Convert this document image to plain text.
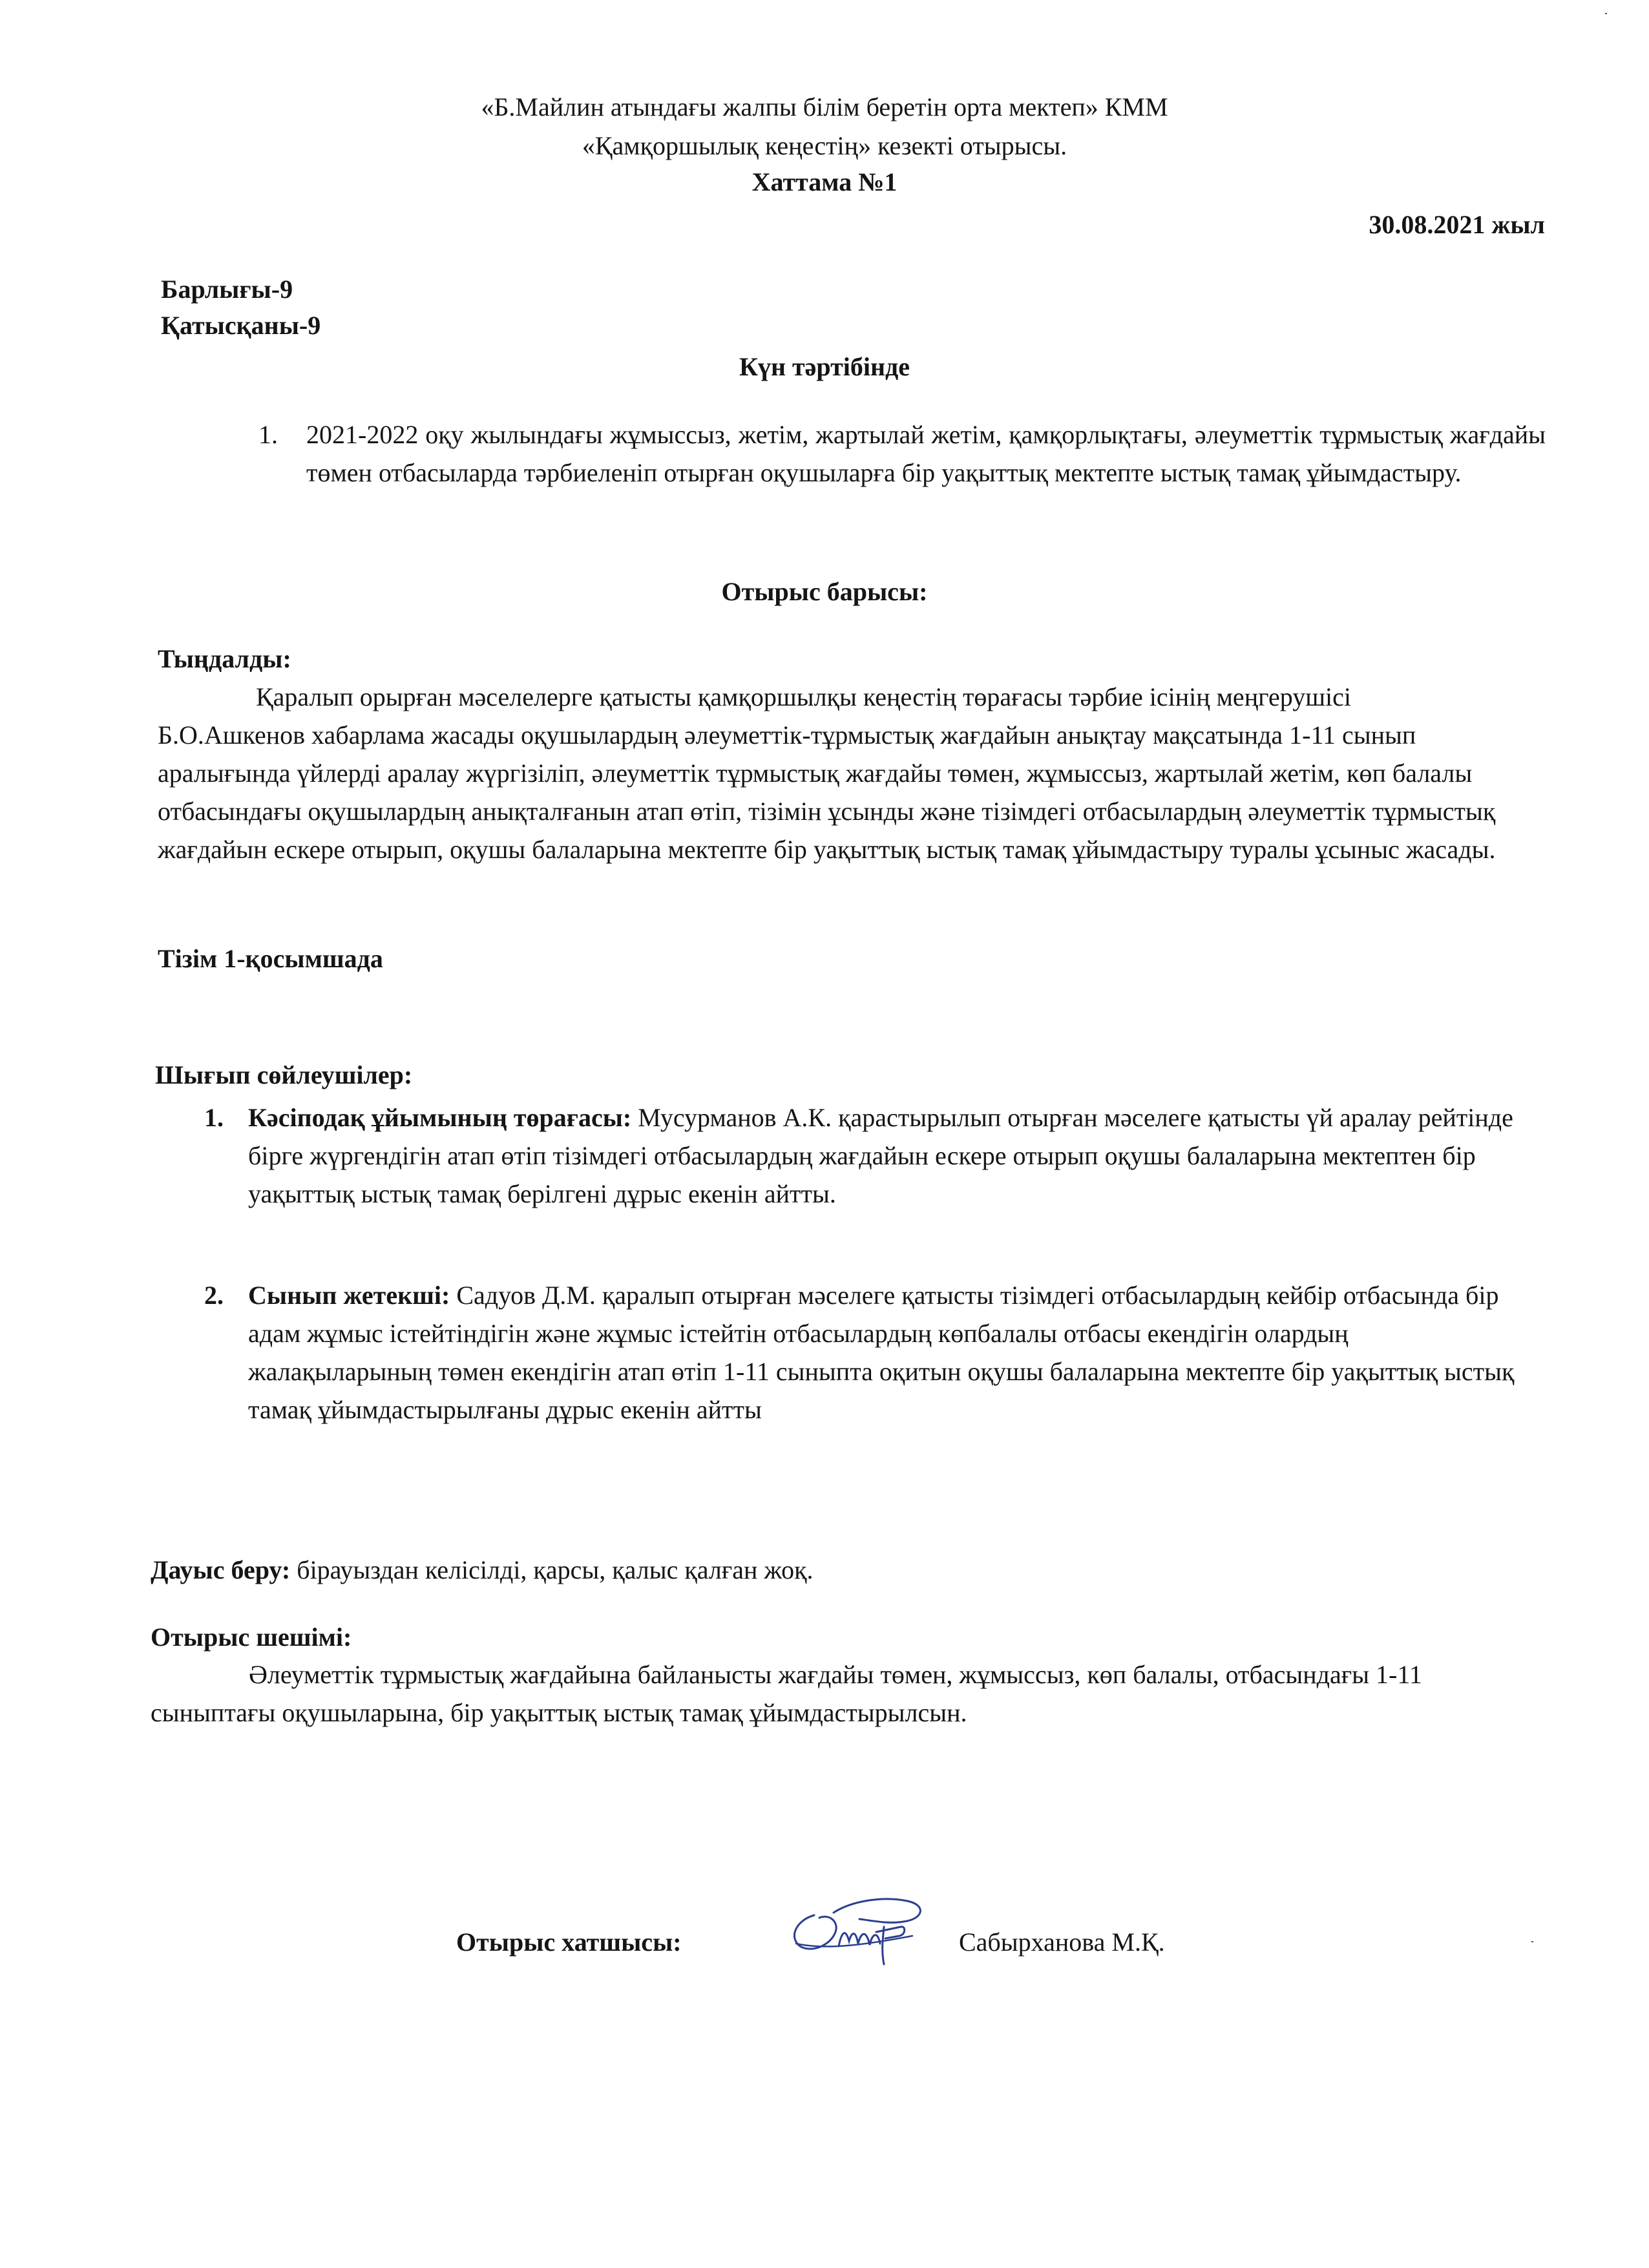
«Б.Майлин атындағы жалпы білім беретін орта мектеп» КММ

«Қамқоршылық кеңестің» кезекті отырысы.

Хаттама №1

30.08.2021 жыл

Барлығы-9

Қатысқаны-9

Күн тәртібінде

1. 2021-2022 оқу жылындағы жұмыссыз, жетім, жартылай жетім, қамқорлықтағы, әлеуметтік тұрмыстық жағдайы төмен отбасыларда тәрбиеленіп отырған оқушыларға бір уақыттық мектепте ыстық тамақ ұйымдастыру.

Отырыс барысы:

Тыңдалды:

Қаралып орырған мәселелерге қатысты қамқоршылқы кеңестің төрағасы тәрбие ісінің меңгерушісі Б.О.Ашкенов хабарлама жасады оқушылардың әлеуметтік-тұрмыстық жағдайын анықтау мақсатында 1-11 сынып аралығында үйлерді аралау жүргізіліп, әлеуметтік тұрмыстық жағдайы төмен, жұмыссыз, жартылай жетім, көп балалы отбасындағы оқушылардың анықталғанын атап өтіп, тізімін ұсынды және тізімдегі отбасылардың әлеуметтік тұрмыстық жағдайын ескере отырып, оқушы балаларына мектепте бір уақыттық ыстық тамақ ұйымдастыру туралы ұсыныс жасады.

Тізім 1-қосымшада

Шығып сөйлеушілер:

1. Кәсіподақ ұйымының төрағасы: Мусурманов А.К. қарастырылып отырған мәселеге қатысты үй аралау рейтінде бірге жүргендігін атап өтіп тізімдегі отбасылардың жағдайын ескере отырып оқушы балаларына мектептен бір уақыттық ыстық тамақ берілгені дұрыс екенін айтты.

2. Сынып жетекші: Садуов Д.М. қаралып отырған мәселеге қатысты тізімдегі отбасылардың кейбір отбасында бір адам жұмыс істейтіндігін және жұмыс істейтін отбасылардың көпбалалы отбасы екендігін олардың жалақыларының төмен екендігін атап өтіп 1-11 сыныпта оқитын оқушы балаларына мектепте бір уақыттық ыстық тамақ ұйымдастырылғаны дұрыс екенін айтты

Дауыс беру: бірауыздан келісілді, қарсы, қалыс қалған жоқ.

Отырыс шешімі:

Әлеуметтік тұрмыстық жағдайына байланысты жағдайы төмен, жұмыссыз, көп балалы, отбасындағы 1-11 сыныптағы оқушыларына, бір уақыттық ыстық тамақ ұйымдастырылсын.

Отырыс хатшысы:	Сабырханова М.Қ.
